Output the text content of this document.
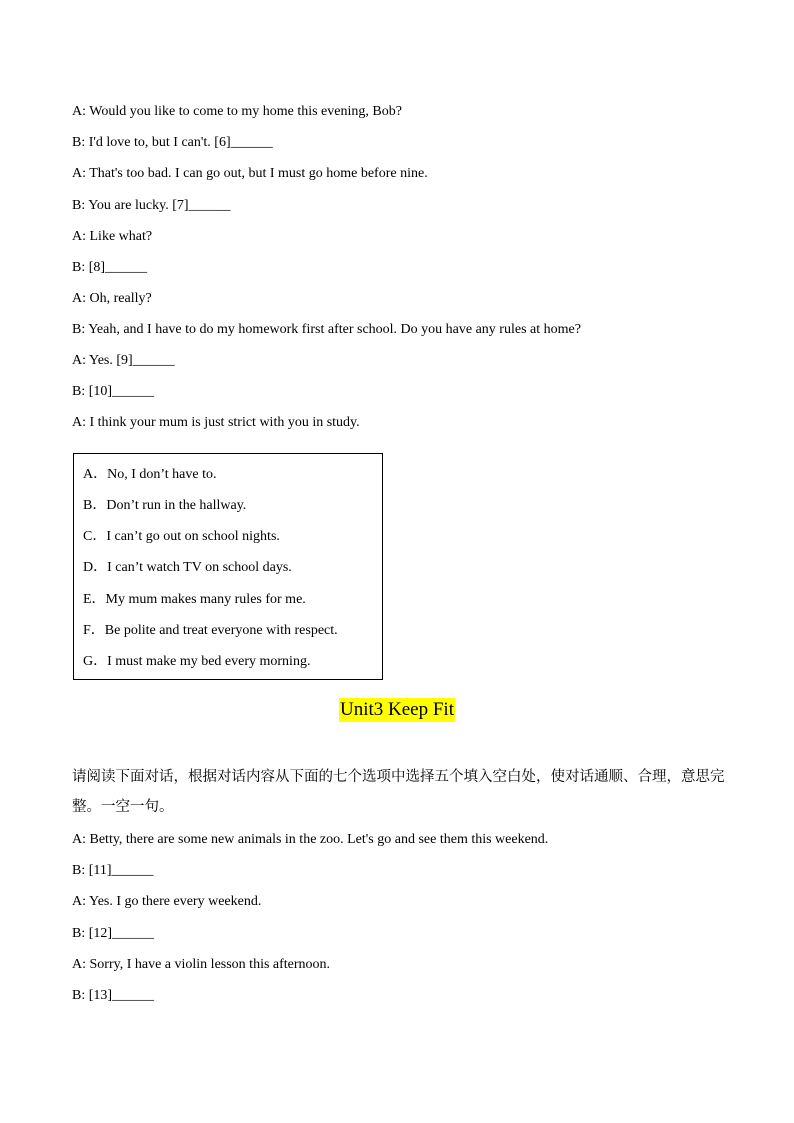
A: Would you like to come to my home this evening, Bob?
B: I'd love to, but I can't. [6]______
A: That's too bad. I can go out, but I must go home before nine.
B: You are lucky. [7]______
A: Like what?
B: [8]______
A: Oh, really?
B: Yeah, and I have to do my homework first after school. Do you have any rules at home?
A: Yes. [9]______
B: [10]______
A: I think your mum is just strict with you in study.
A．No, I don’t have to.
B．Don’t run in the hallway.
C．I can’t go out on school nights.
D．I can’t watch TV on school days.
E．My mum makes many rules for me.
F．Be polite and treat everyone with respect.
G．I must make my bed every morning.
Unit3 Keep Fit
请阅读下面对话，根据对话内容从下面的七个选项中选择五个填入空白处，使对话通顺、合理，意思完整。一空一句。
A: Betty, there are some new animals in the zoo. Let's go and see them this weekend.
B: [11]______
A: Yes. I go there every weekend.
B: [12]______
A: Sorry, I have a violin lesson this afternoon.
B: [13]______
